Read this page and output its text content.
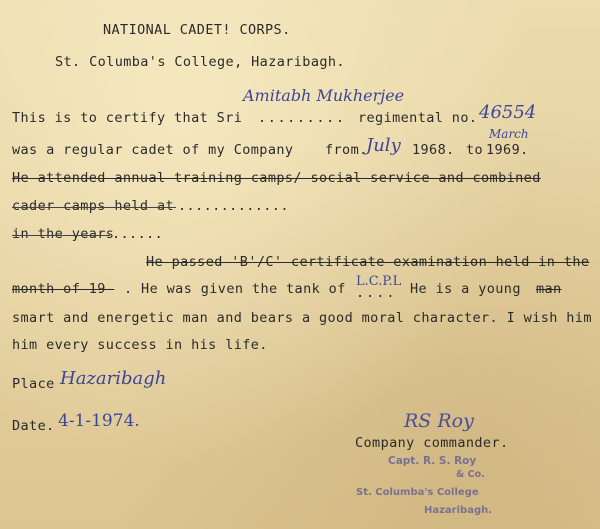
NATIONAL CADET! CORPS.
St. Columba's College, Hazaribagh.
This is to certify that Sri ......... regimental no.
Amitabh Mukherjee
46554
was a regular cadet of my Company from.
July 1968. to
March
1969.
He attended annual training camps/ social service and combined
cader camps held at .............
in the years
......
He passed 'B'/C' certificate examination held in the
month of 19- . He was given the tank of L.C.P.L
.... He is a young man
smart and energetic man and bears a good moral character. I wish him
him every success in his life.
Place Hazaribagh
Date. 4-1-1974.	RS Roy
Company commander.
Capt. R. S. Roy
& Co.
St. Columba's College
Hazaribagh.
